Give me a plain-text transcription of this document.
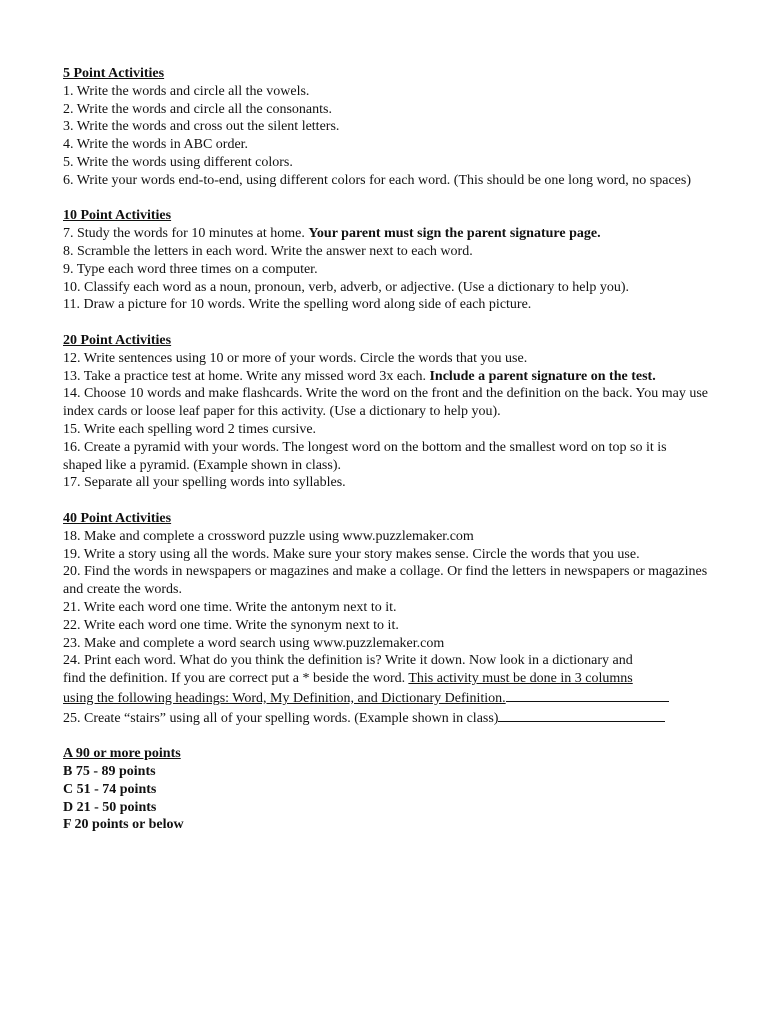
5 Point Activities
1. Write the words and circle all the vowels.
2. Write the words and circle all the consonants.
3. Write the words and cross out the silent letters.
4. Write the words in ABC order.
5. Write the words using different colors.
6. Write your words end-to-end, using different colors for each word. (This should be one long word, no spaces)
10 Point Activities
7. Study the words for 10 minutes at home. Your parent must sign the parent signature page.
8. Scramble the letters in each word. Write the answer next to each word.
9. Type each word three times on a computer.
10. Classify each word as a noun, pronoun, verb, adverb, or adjective. (Use a dictionary to help you).
11. Draw a picture for 10 words. Write the spelling word along side of each picture.
20 Point Activities
12. Write sentences using 10 or more of your words. Circle the words that you use.
13. Take a practice test at home. Write any missed word 3x each. Include a parent signature on the test.
14. Choose 10 words and make flashcards. Write the word on the front and the definition on the back. You may use index cards or loose leaf paper for this activity. (Use a dictionary to help you).
15. Write each spelling word 2 times cursive.
16. Create a pyramid with your words. The longest word on the bottom and the smallest word on top so it is shaped like a pyramid. (Example shown in class).
17. Separate all your spelling words into syllables.
40 Point Activities
18. Make and complete a crossword puzzle using www.puzzlemaker.com
19. Write a story using all the words. Make sure your story makes sense. Circle the words that you use.
20. Find the words in newspapers or magazines and make a collage. Or find the letters in newspapers or magazines and create the words.
21. Write each word one time. Write the antonym next to it.
22. Write each word one time. Write the synonym next to it.
23. Make and complete a word search using www.puzzlemaker.com
24. Print each word. What do you think the definition is? Write it down. Now look in a dictionary and
find the definition. If you are correct put a * beside the word. This activity must be done in 3 columns
using the following headings: Word, My Definition, and Dictionary Definition.
25. Create “stairs” using all of your spelling words. (Example shown in class)
A 90 or more points
B 75 - 89 points
C 51 - 74 points
D 21 - 50 points
F 20 points or below
